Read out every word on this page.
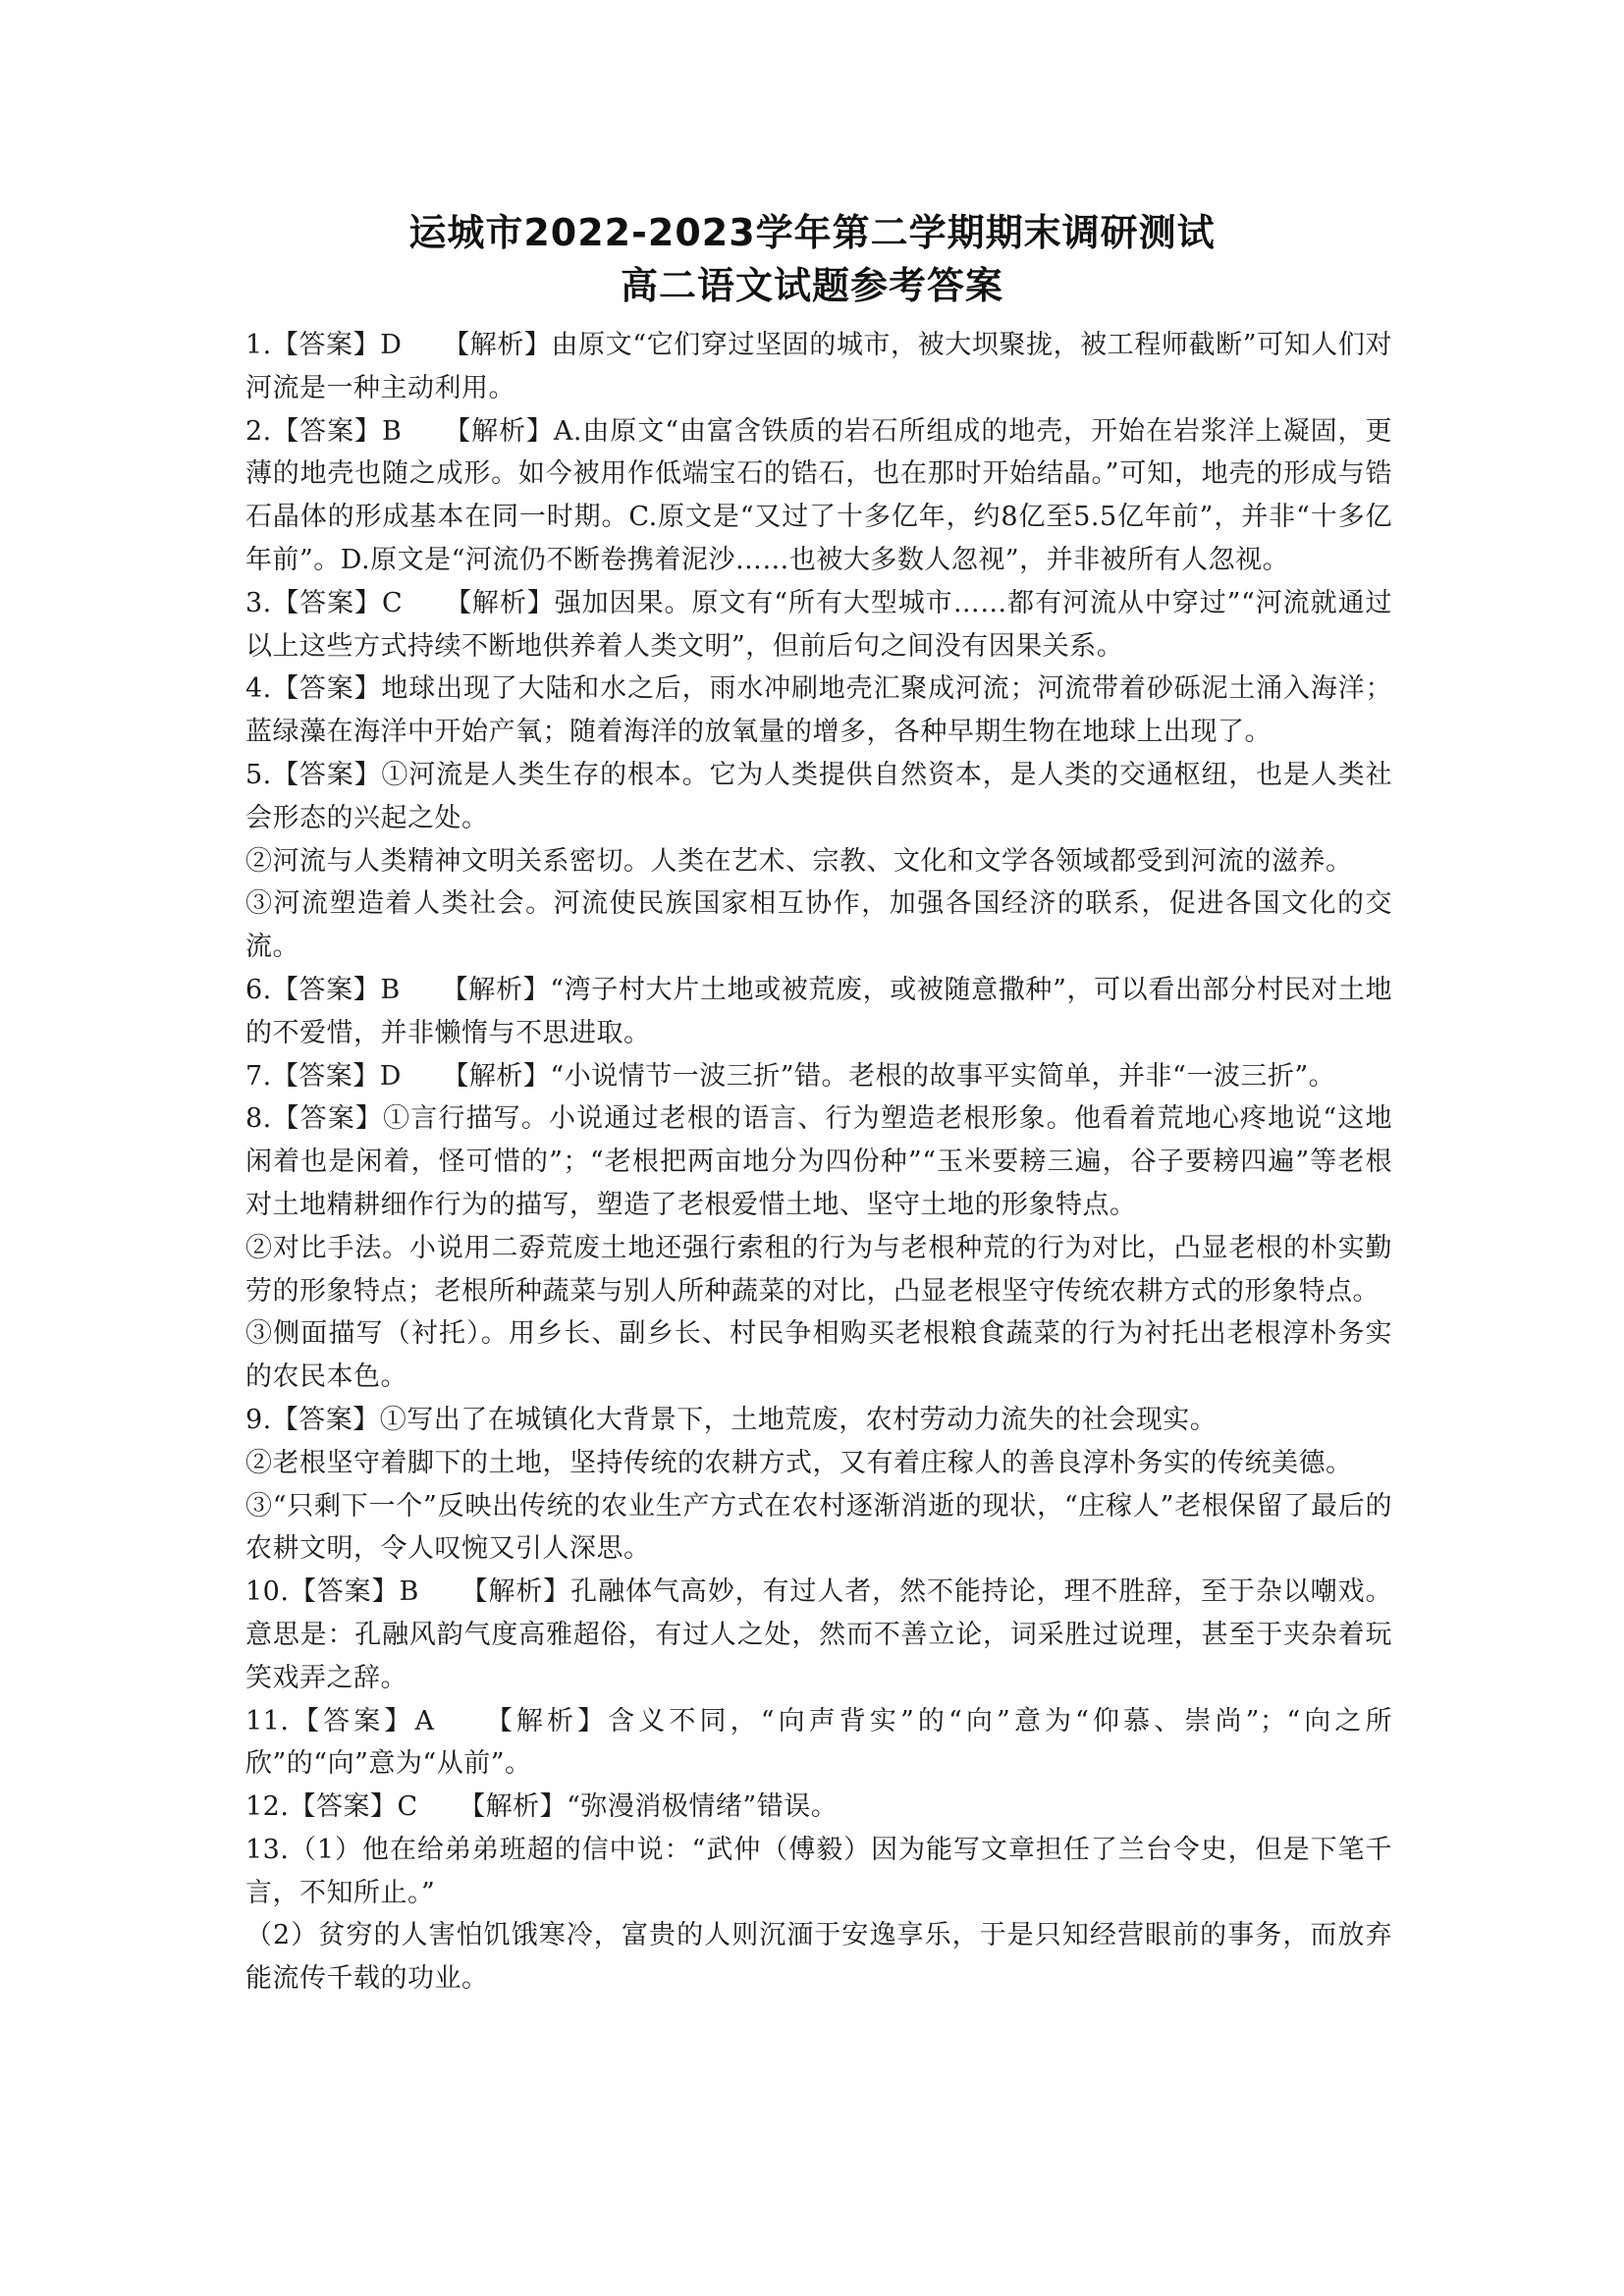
运城市2022-2023学年第二学期期末调研测试
高二语文试题参考答案

1.【答案】D　　【解析】由原文“它们穿过坚固的城市，被大坝聚拢，被工程师截断”可知人们对河流是一种主动利用。

2.【答案】B　　【解析】A.由原文“由富含铁质的岩石所组成的地壳，开始在岩浆洋上凝固，更薄的地壳也随之成形。如今被用作低端宝石的锆石，也在那时开始结晶。”可知，地壳的形成与锆石晶体的形成基本在同一时期。C.原文是“又过了十多亿年，约8亿至5.5亿年前”，并非“十多亿年前”。D.原文是“河流仍不断卷携着泥沙……也被大多数人忽视”，并非被所有人忽视。

3.【答案】C　　【解析】强加因果。原文有“所有大型城市……都有河流从中穿过”“河流就通过以上这些方式持续不断地供养着人类文明”，但前后句之间没有因果关系。

4.【答案】地球出现了大陆和水之后，雨水冲刷地壳汇聚成河流；河流带着砂砾泥土涌入海洋；蓝绿藻在海洋中开始产氧；随着海洋的放氧量的增多，各种早期生物在地球上出现了。

5.【答案】①河流是人类生存的根本。它为人类提供自然资本，是人类的交通枢纽，也是人类社会形态的兴起之处。

②河流与人类精神文明关系密切。人类在艺术、宗教、文化和文学各领域都受到河流的滋养。

③河流塑造着人类社会。河流使民族国家相互协作，加强各国经济的联系，促进各国文化的交流。

6.【答案】B　　【解析】“湾子村大片土地或被荒废，或被随意撒种”，可以看出部分村民对土地的不爱惜，并非懒惰与不思进取。

7.【答案】D　　【解析】“小说情节一波三折”错。老根的故事平实简单，并非“一波三折”。

8.【答案】①言行描写。小说通过老根的语言、行为塑造老根形象。他看着荒地心疼地说“这地闲着也是闲着，怪可惜的”；“老根把两亩地分为四份种”“玉米要耪三遍，谷子要耪四遍”等老根对土地精耕细作行为的描写，塑造了老根爱惜土地、坚守土地的形象特点。

②对比手法。小说用二孬荒废土地还强行索租的行为与老根种荒的行为对比，凸显老根的朴实勤劳的形象特点；老根所种蔬菜与别人所种蔬菜的对比，凸显老根坚守传统农耕方式的形象特点。

③侧面描写（衬托）。用乡长、副乡长、村民争相购买老根粮食蔬菜的行为衬托出老根淳朴务实的农民本色。

9.【答案】①写出了在城镇化大背景下，土地荒废，农村劳动力流失的社会现实。

②老根坚守着脚下的土地，坚持传统的农耕方式，又有着庄稼人的善良淳朴务实的传统美德。

③“只剩下一个”反映出传统的农业生产方式在农村逐渐消逝的现状，“庄稼人”老根保留了最后的农耕文明，令人叹惋又引人深思。

10.【答案】B　　【解析】孔融体气高妙，有过人者，然不能持论，理不胜辞，至于杂以嘲戏。意思是：孔融风韵气度高雅超俗，有过人之处，然而不善立论，词采胜过说理，甚至于夹杂着玩笑戏弄之辞。

11.【答案】A　　【解析】含义不同，“向声背实”的“向”意为“仰慕、崇尚”；“向之所欣”的“向”意为“从前”。

12.【答案】C　　【解析】“弥漫消极情绪”错误。

13.（1）他在给弟弟班超的信中说：“武仲（傅毅）因为能写文章担任了兰台令史，但是下笔千言，不知所止。”

（2）贫穷的人害怕饥饿寒冷，富贵的人则沉湎于安逸享乐，于是只知经营眼前的事务，而放弃能流传千载的功业。
